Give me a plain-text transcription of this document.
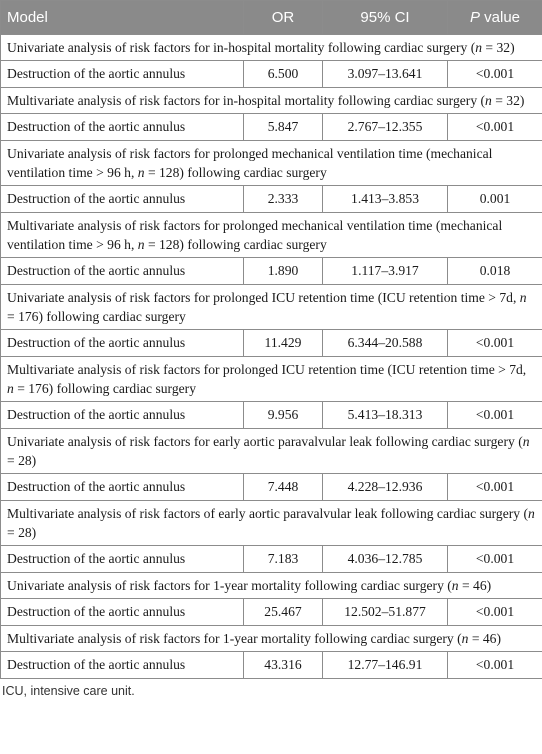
Model	OR	95% CI	P value
Univariate analysis of risk factors for in-hospital mortality following cardiac surgery (n = 32)			
Destruction of the aortic annulus	6.500	3.097–13.641	<0.001
Multivariate analysis of risk factors for in-hospital mortality following cardiac surgery (n = 32)			
Destruction of the aortic annulus	5.847	2.767–12.355	<0.001
Univariate analysis of risk factors for prolonged mechanical ventilation time (mechanical ventilation time > 96 h, n = 128) following cardiac surgery			
Destruction of the aortic annulus	2.333	1.413–3.853	0.001
Multivariate analysis of risk factors for prolonged mechanical ventilation time (mechanical ventilation time > 96 h, n = 128) following cardiac surgery			
Destruction of the aortic annulus	1.890	1.117–3.917	0.018
Univariate analysis of risk factors for prolonged ICU retention time (ICU retention time > 7d, n = 176) following cardiac surgery			
Destruction of the aortic annulus	11.429	6.344–20.588	<0.001
Multivariate analysis of risk factors for prolonged ICU retention time (ICU retention time > 7d, n = 176) following cardiac surgery			
Destruction of the aortic annulus	9.956	5.413–18.313	<0.001
Univariate analysis of risk factors for early aortic paravalvular leak following cardiac surgery (n = 28)			
Destruction of the aortic annulus	7.448	4.228–12.936	<0.001
Multivariate analysis of risk factors of early aortic paravalvular leak following cardiac surgery (n = 28)			
Destruction of the aortic annulus	7.183	4.036–12.785	<0.001
Univariate analysis of risk factors for 1-year mortality following cardiac surgery (n = 46)			
Destruction of the aortic annulus	25.467	12.502–51.877	<0.001
Multivariate analysis of risk factors for 1-year mortality following cardiac surgery (n = 46)			
Destruction of the aortic annulus	43.316	12.77–146.91	<0.001

ICU, intensive care unit.
